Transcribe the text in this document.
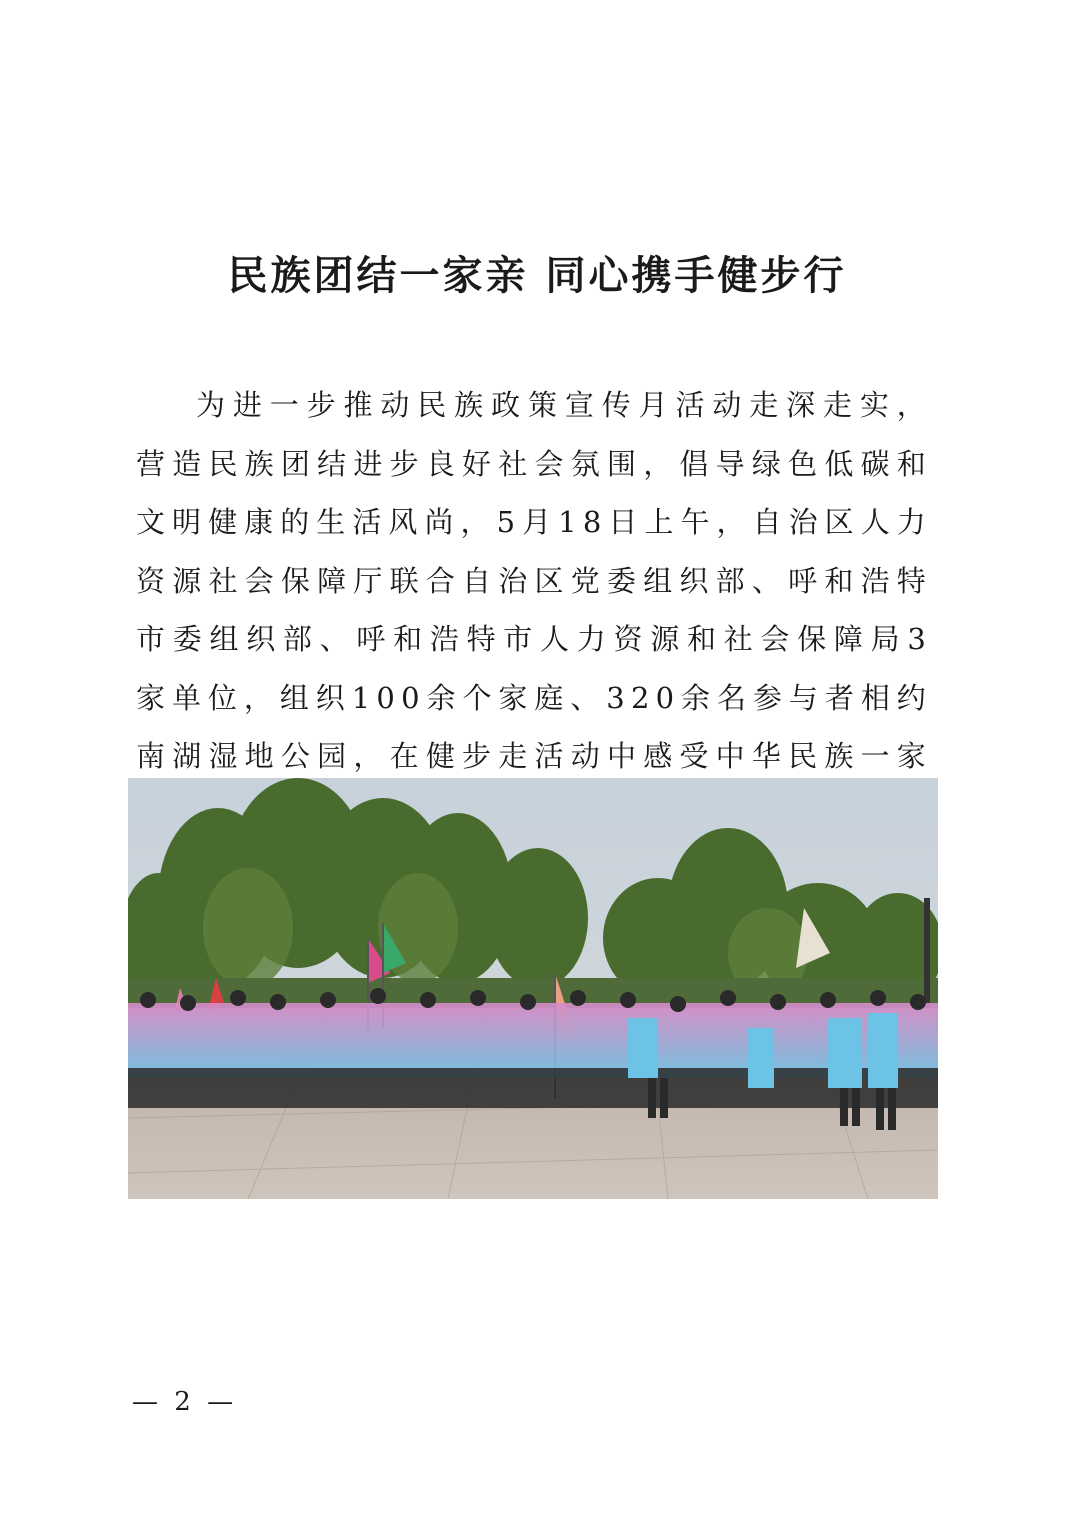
民族团结一家亲 同心携手健步行

为进一步推动民族政策宣传月活动走深走实，营造民族团结进步良好社会氛围，倡导绿色低碳和文明健康的生活风尚，5月18日上午，自治区人力资源社会保障厅联合自治区党委组织部、呼和浩特市委组织部、呼和浩特市人力资源和社会保障局3家单位，组织100余个家庭、320余名参与者相约南湖湿地公园，在健步走活动中感受中华民族一家

— 2 —
